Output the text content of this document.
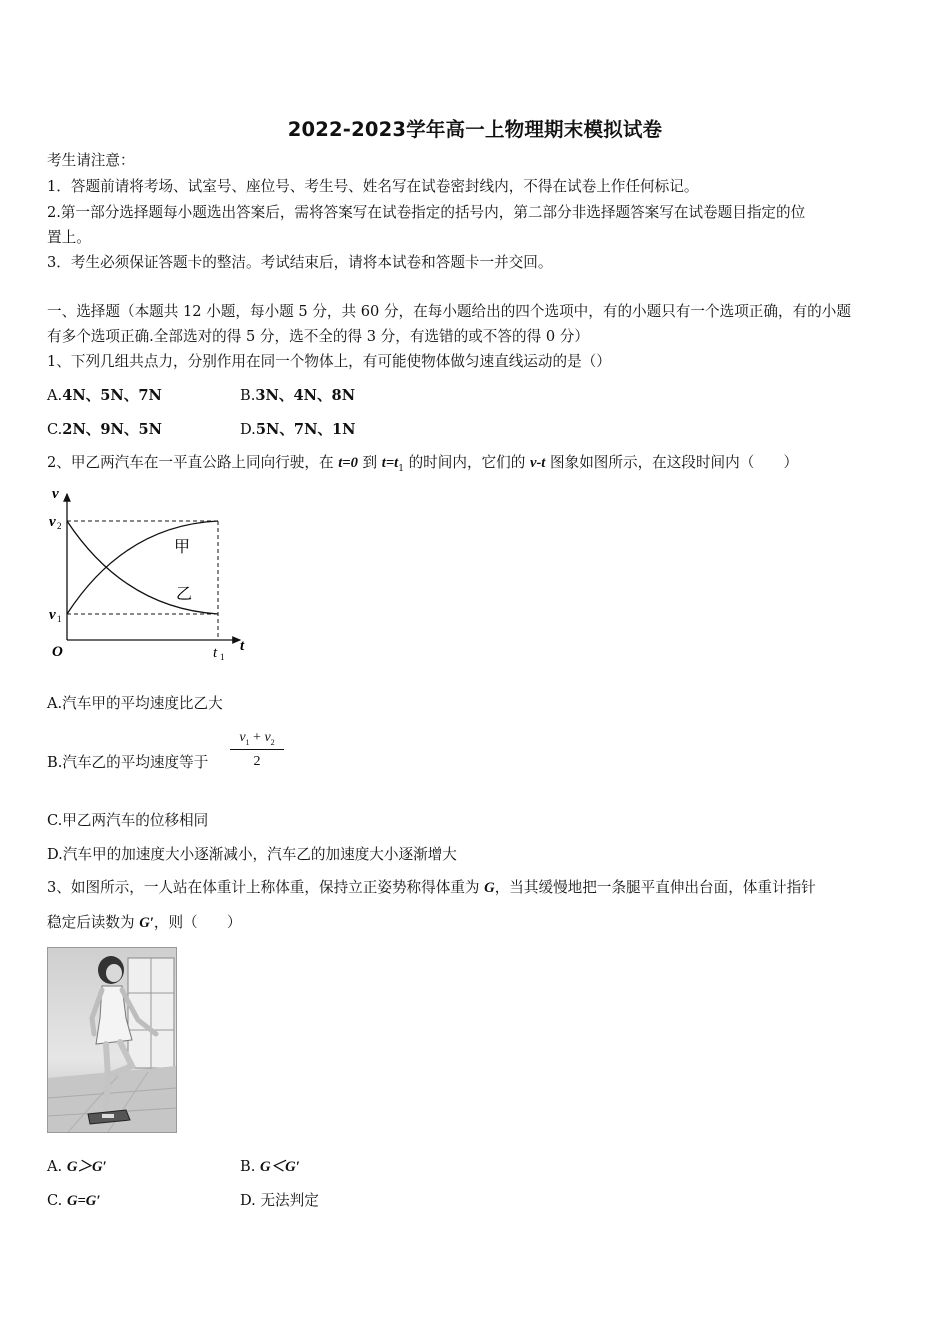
2022-2023学年高一上物理期末模拟试卷
考生请注意：
1．答题前请将考场、试室号、座位号、考生号、姓名写在试卷密封线内，不得在试卷上作任何标记。
2.第一部分选择题每小题选出答案后，需将答案写在试卷指定的括号内，第二部分非选择题答案写在试卷题目指定的位
置上。
3．考生必须保证答题卡的整洁。考试结束后，请将本试卷和答题卡一并交回。
一、选择题（本题共 12 小题，每小题 5 分，共 60 分，在每小题给出的四个选项中，有的小题只有一个选项正确，有的小题
有多个选项正确.全部选对的得 5 分，选不全的得 3 分，有选错的或不答的得 0 分）
1、下列几组共点力，分别作用在同一个物体上，有可能使物体做匀速直线运动的是（）
A.4N、5N、7N	B.3N、4N、8N
C.2N、9N、5N	D.5N、7N、1N
2、甲乙两汽车在一平直公路上同向行驶，在 t=0 到 $t=t_1$ 的时间内，它们的 v-t 图象如图所示，在这段时间内（　　）
v
t
O
v 2
v 1
t 1
甲
乙
A.汽车甲的平均速度比乙大
B.汽车乙的平均速度等于 $\frac{v_1 + v_2}{2}$
C.甲乙两汽车的位移相同
D.汽车甲的加速度大小逐渐减小，汽车乙的加速度大小逐渐增大
3、如图所示，一人站在体重计上称体重，保持立正姿势称得体重为 G，当其缓慢地把一条腿平直伸出台面，体重计指针
稳定后读数为 G′，则（　　）
A. G＞G′	B. G＜G′
C. G=G′	D. 无法判定
